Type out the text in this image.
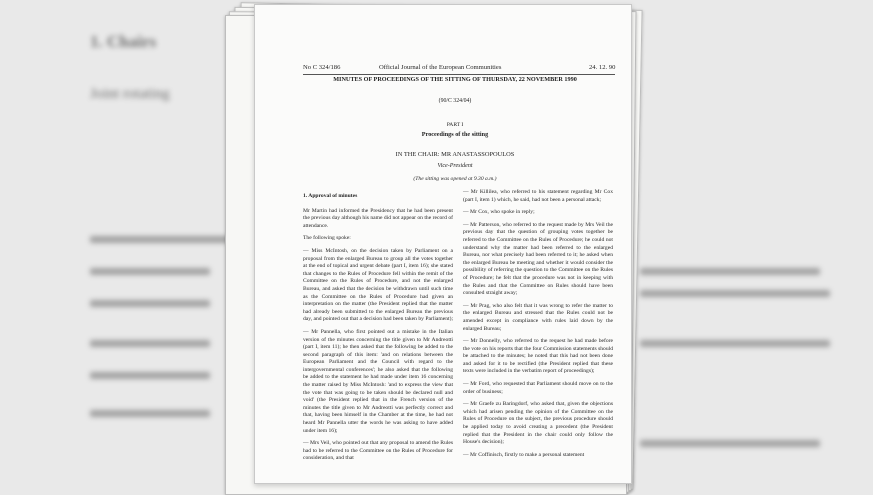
1. Chairs
Joint rotating
No C 324/186	Official Journal of the European Communities	24. 12. 90
MINUTES OF PROCEEDINGS OF THE SITTING OF THURSDAY, 22 NOVEMBER 1990
(90/C 324/04)
PART I
Proceedings of the sitting
IN THE CHAIR: MR ANASTASSOPOULOS
Vice-President
(The sitting was opened at 9.30 a.m.)

1. Approval of minutes

Mr Martin had informed the Presidency that he had been present the previous day although his name did not appear on the record of attendance.

The following spoke:

— Miss McIntosh, on the decision taken by Parliament on a proposal from the enlarged Bureau to group all the votes together at the end of topical and urgent debate (part I, item 16); she stated that changes to the Rules of Procedure fell within the remit of the Committee on the Rules of Procedure, and not the enlarged Bureau, and asked that the decision be withdrawn until such time as the Committee on the Rules of Procedure had given an interpretation on the matter (the President replied that the matter had already been submitted to the enlarged Bureau the previous day, and pointed out that a decision had been taken by Parliament);

— Mr Pannella, who first pointed out a mistake in the Italian version of the minutes concerning the title given to Mr Andreotti (part I, item 11); he then asked that the following be added to the second paragraph of this item: 'and on relations between the European Parliament and the Council with regard to the intergovernmental conferences'; he also asked that the following be added to the statement he had made under item 16 concerning the matter raised by Miss McIntosh: 'and to express the view that the vote that was going to be taken should be declared null and void' (the President replied that in the French version of the minutes the title given to Mr Andreotti was perfectly correct and that, having been himself in the Chamber at the time, he had not heard Mr Pannella utter the words he was asking to have added under item 16);

— Mrs Veil, who pointed out that any proposal to amend the Rules had to be referred to the Committee on the Rules of Procedure for consideration, and that

— Mr Killilea, who referred to his statement regarding Mr Cox (part I, item 1) which, he said, had not been a personal attack;

— Mr Cox, who spoke in reply;

— Mr Patterson, who referred to the request made by Mrs Veil the previous day that the question of grouping votes together be referred to the Committee on the Rules of Procedure; he could not understand why the matter had been referred to the enlarged Bureau, nor what precisely had been referred to it; he asked when the enlarged Bureau be meeting and whether it would consider the possibility of referring the question to the Committee on the Rules of Procedure; he felt that the procedure was not in keeping with the Rules and that the Committee on Rules should have been consulted straight away;

— Mr Prag, who also felt that it was wrong to refer the matter to the enlarged Bureau and stressed that the Rules could not be amended except in compliance with rules laid down by the enlarged Bureau;

— Mr Donnelly, who referred to the request he had made before the vote on his reports that the four Commission statements should be attached to the minutes; he noted that this had not been done and asked for it to be rectified (the President replied that these texts were included in the verbatim report of proceedings);

— Mr Ford, who requested that Parliament should move on to the order of business;

— Mr Graefe zu Baringdorf, who asked that, given the objections which had arisen pending the opinion of the Committee on the Rules of Procedure on the subject, the previous procedure should be applied today to avoid creating a precedent (the President replied that the President in the chair could only follow the House's decision);

— Mr Coffinisch, firstly to make a personal statement
